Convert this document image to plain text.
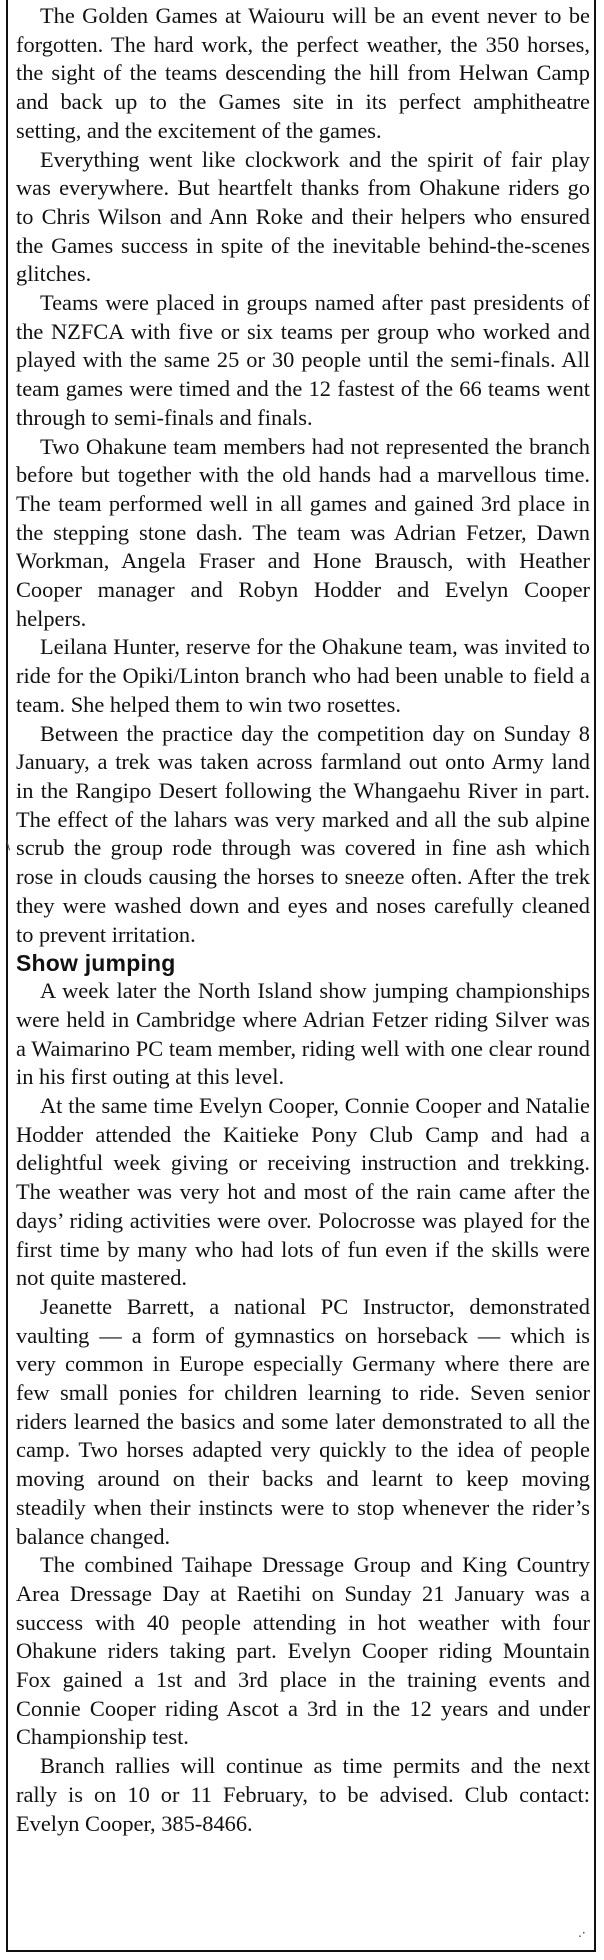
The Golden Games at Waiouru will be an event never to be forgotten. The hard work, the perfect weather, the 350 horses, the sight of the teams descending the hill from Helwan Camp and back up to the Games site in its perfect amphitheatre setting, and the excitement of the games.

Everything went like clockwork and the spirit of fair play was everywhere. But heartfelt thanks from Ohakune riders go to Chris Wilson and Ann Roke and their helpers who ensured the Games success in spite of the inevitable behind-the-scenes glitches.

Teams were placed in groups named after past presidents of the NZFCA with five or six teams per group who worked and played with the same 25 or 30 people until the semi-finals. All team games were timed and the 12 fastest of the 66 teams went through to semi-finals and finals.

Two Ohakune team members had not represented the branch before but together with the old hands had a marvellous time. The team performed well in all games and gained 3rd place in the stepping stone dash. The team was Adrian Fetzer, Dawn Workman, Angela Fraser and Hone Brausch, with Heather Cooper manager and Robyn Hodder and Evelyn Cooper helpers.

Leilana Hunter, reserve for the Ohakune team, was invited to ride for the Opiki/Linton branch who had been unable to field a team. She helped them to win two rosettes.

Between the practice day the competition day on Sunday 8 January, a trek was taken across farmland out onto Army land in the Rangipo Desert following the Whangaehu River in part. The effect of the lahars was very marked and all the sub alpine scrub the group rode through was covered in fine ash which rose in clouds causing the horses to sneeze often. After the trek they were washed down and eyes and noses carefully cleaned to prevent irritation.

Show jumping

A week later the North Island show jumping championships were held in Cambridge where Adrian Fetzer riding Silver was a Waimarino PC team member, riding well with one clear round in his first outing at this level.

At the same time Evelyn Cooper, Connie Cooper and Natalie Hodder attended the Kaitieke Pony Club Camp and had a delightful week giving or receiving instruction and trekking. The weather was very hot and most of the rain came after the days’ riding activities were over. Polocrosse was played for the first time by many who had lots of fun even if the skills were not quite mastered.

Jeanette Barrett, a national PC Instructor, demonstrated vaulting — a form of gymnastics on horseback — which is very common in Europe especially Germany where there are few small ponies for children learning to ride. Seven senior riders learned the basics and some later demonstrated to all the camp. Two horses adapted very quickly to the idea of people moving around on their backs and learnt to keep moving steadily when their instincts were to stop whenever the rider’s balance changed.

The combined Taihape Dressage Group and King Country Area Dressage Day at Raetihi on Sunday 21 January was a success with 40 people attending in hot weather with four Ohakune riders taking part. Evelyn Cooper riding Mountain Fox gained a 1st and 3rd place in the training events and Connie Cooper riding Ascot a 3rd in the 12 years and under Championship test.

Branch rallies will continue as time permits and the next rally is on 10 or 11 February, to be advised. Club contact: Evelyn Cooper, 385-8466.

\
.·
